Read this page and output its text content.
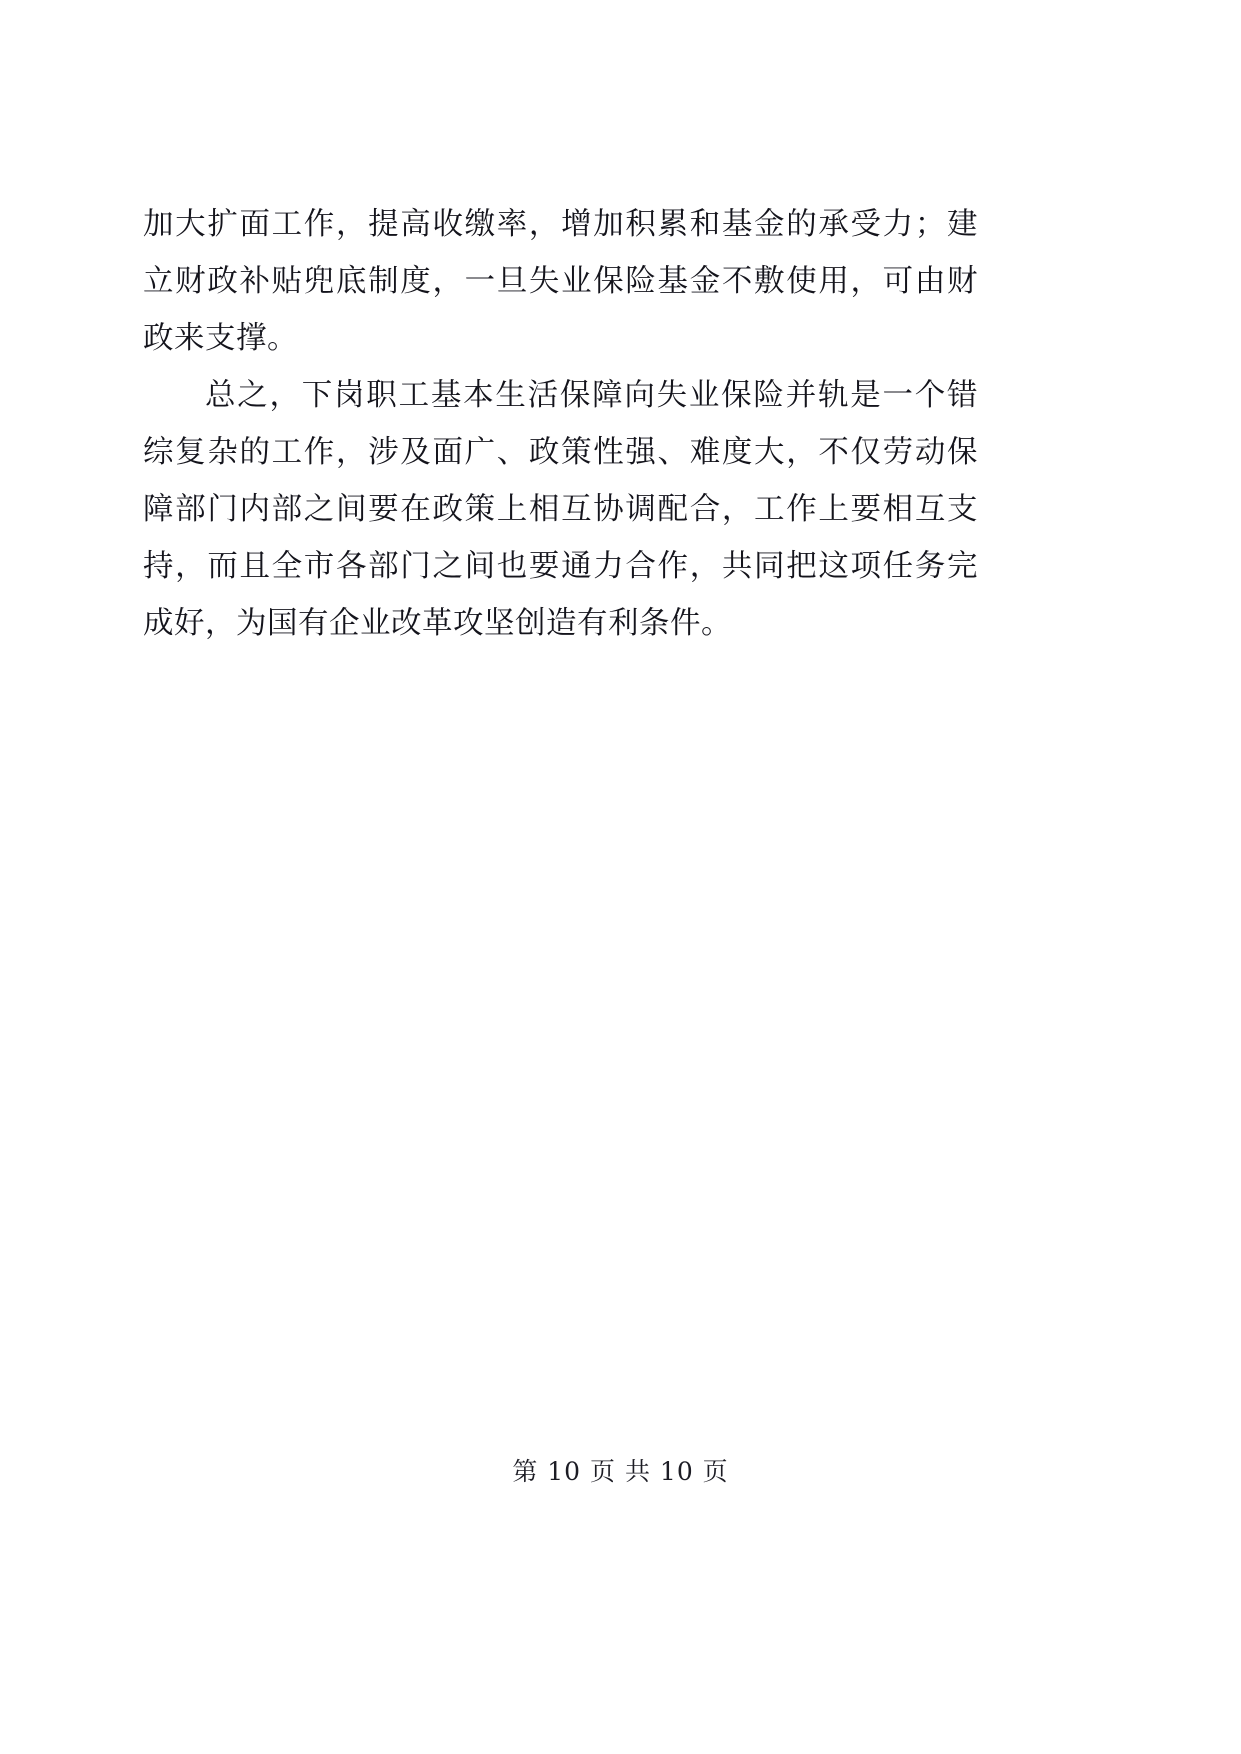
加大扩面工作，提高收缴率，增加积累和基金的承受力；建立财政补贴兜底制度，一旦失业保险基金不敷使用，可由财政来支撑。

总之，下岗职工基本生活保障向失业保险并轨是一个错综复杂的工作，涉及面广、政策性强、难度大，不仅劳动保障部门内部之间要在政策上相互协调配合，工作上要相互支持，而且全市各部门之间也要通力合作，共同把这项任务完成好，为国有企业改革攻坚创造有利条件。

第 10 页 共 10 页
